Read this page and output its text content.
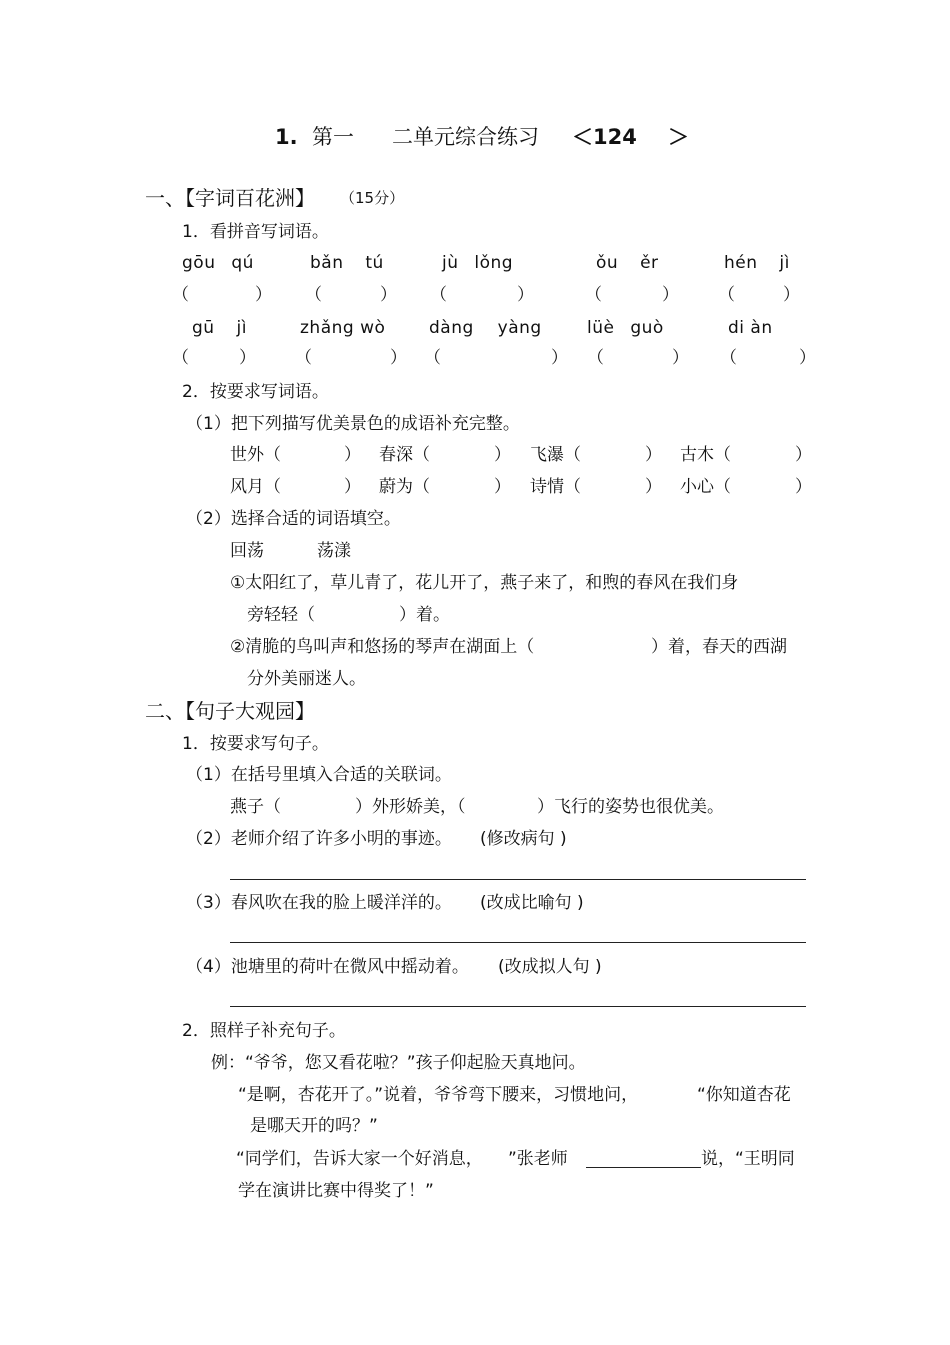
1. 第一 二单元综合练习 ＜124 ＞
一、【字词百花洲】 （15分）
1．看拼音写词语。
gōu qú	bǎn tú	jù lǒng	ǒu ěr	hén jì
（	） （	） （	）	（	） （	）
gū jì	zhǎng wò	dàng yàng	lüè guò	di àn
（	） （	） （	） （	） （	）
2．按要求写词语。
（1）把下列描写优美景色的成语补充完整。
世外（	） 春深（	） 飞瀑（	） 古木（	）
风月（	） 蔚为（	） 诗情（	） 小心（	）
（2）选择合适的词语填空。
回荡	荡漾
①太阳红了，草儿青了，花儿开了，燕子来了，和煦的春风在我们身
旁轻轻（	）着。
②清脆的鸟叫声和悠扬的琴声在湖面上（	）着，春天的西湖
分外美丽迷人。
二、【句子大观园】
1．按要求写句子。
（1）在括号里填入合适的关联词。
燕子（	）外形娇美，（	）飞行的姿势也很优美。
（2）老师介绍了许多小明的事迹。 (修改病句 )
（3）春风吹在我的脸上暖洋洋的。 (改成比喻句 )
（4）池塘里的荷叶在微风中摇动着。 (改成拟人句 )
2．照样子补充句子。
例：“爷爷，您又看花啦？”孩子仰起脸天真地问。
“是啊，杏花开了。”说着，爷爷弯下腰来，习惯地问，	“你知道杏花
是哪天开的吗？”
“同学们，告诉大家一个好消息， ”张老师	说，“王明同
学在演讲比赛中得奖了！”
